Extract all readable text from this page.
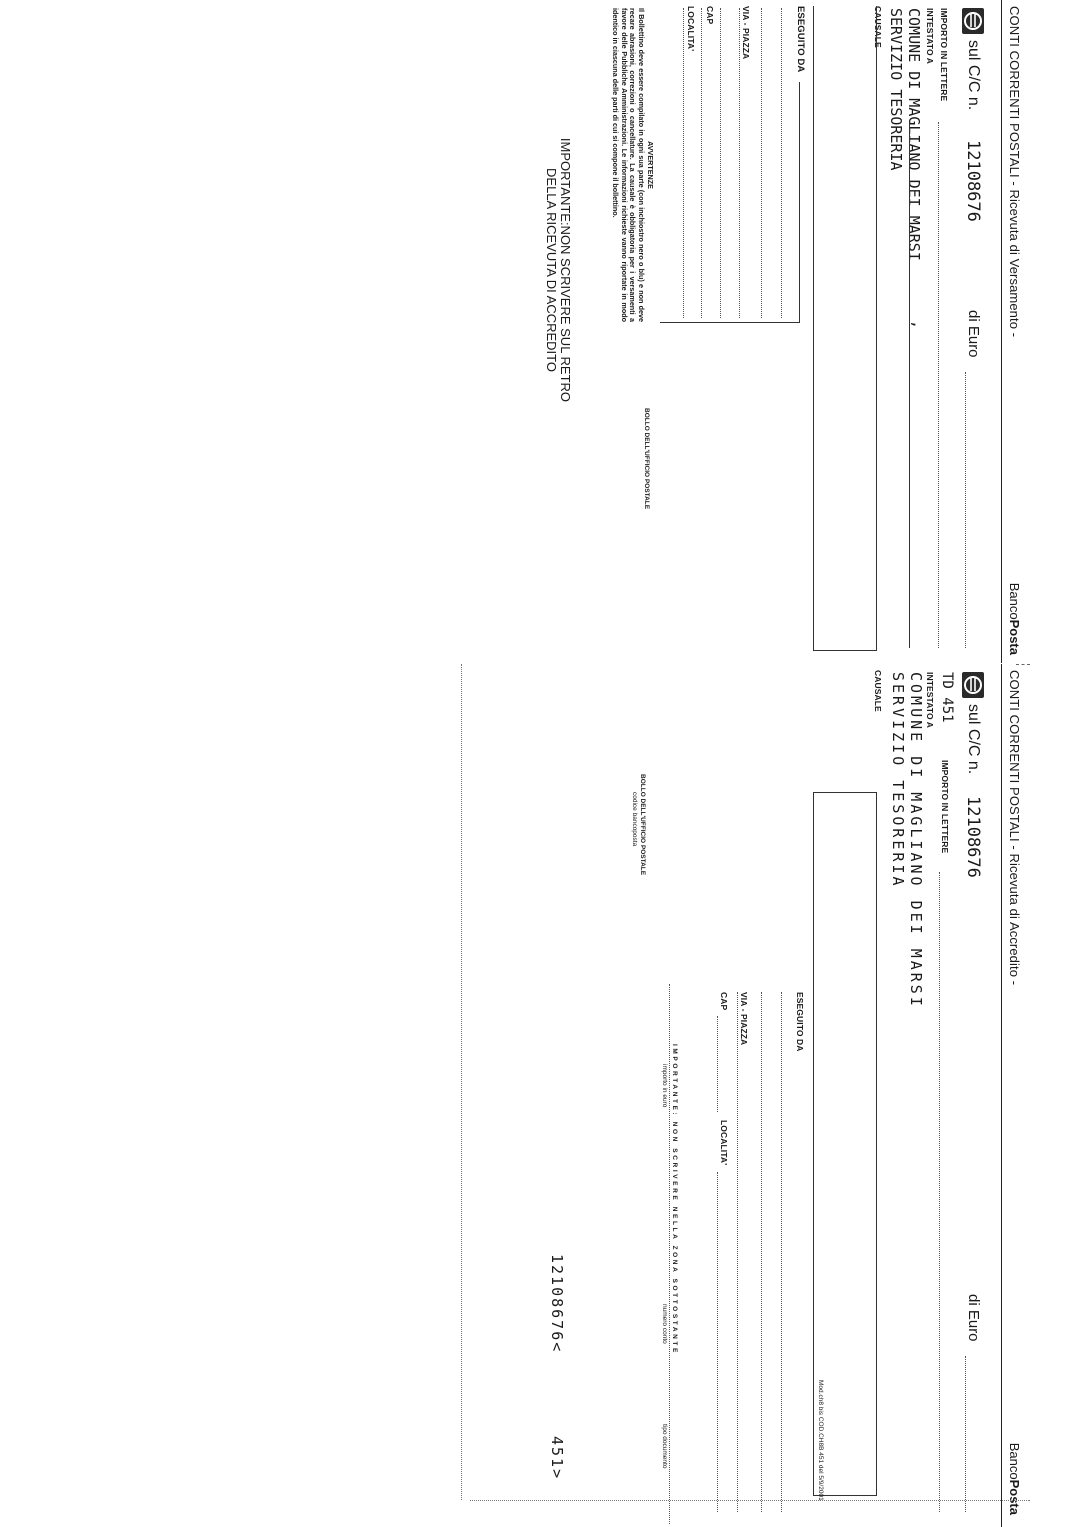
CONTI CORRENTI POSTALI - Ricevuta di Versamento -
BancoPosta
sul C/C n.
12108676
di Euro
IMPORTO IN LETTERE
INTESTATO A
COMUNE DI MAGLIANO DEI MARSI
,
SERVIZIO TESORERIA
CAUSALE
ESEGUITO DA
VIA - PIAZZA
CAP
LOCALITA'
AVVERTENZE
Il Bollettino deve essere compilato in ogni sua parte (con inchiostro nero o blu) e non deve recare abrasioni, correzioni o cancellature. La causale è obbligatoria per i versamenti a favore delle Pubbliche Amministrazioni. Le informazioni richieste vanno riportate in modo identico in ciascuna delle parti di cui si compone il bollettino.
BOLLO DELL'UFFICIO POSTALE
IMPORTANTE:NON SCRIVERE SUL RETRO
DELLA RICEVUTA DI ACCREDITO
CONTI CORRENTI POSTALI - Ricevuta di Accredito -
BancoPosta
sul C/C n.
12108676
di Euro
TD 451
IMPORTO IN LETTERE
INTESTATO A
COMUNE DI MAGLIANO DEI MARSI
SERVIZIO TESORERIA
CAUSALE
ESEGUITO DA
VIA - PIAZZA
CAP
LOCALITA'
BOLLO DELL'UFFICIO POSTALE
codice bancoposta
IMPORTANTE: NON SCRIVERE NELLA ZONA SOTTOSTANTE
importo in euro
numero conto
tipo documento
12108676<
451>	Mod.ch8 bis COD.CH8B 451 del 5/9/2001
